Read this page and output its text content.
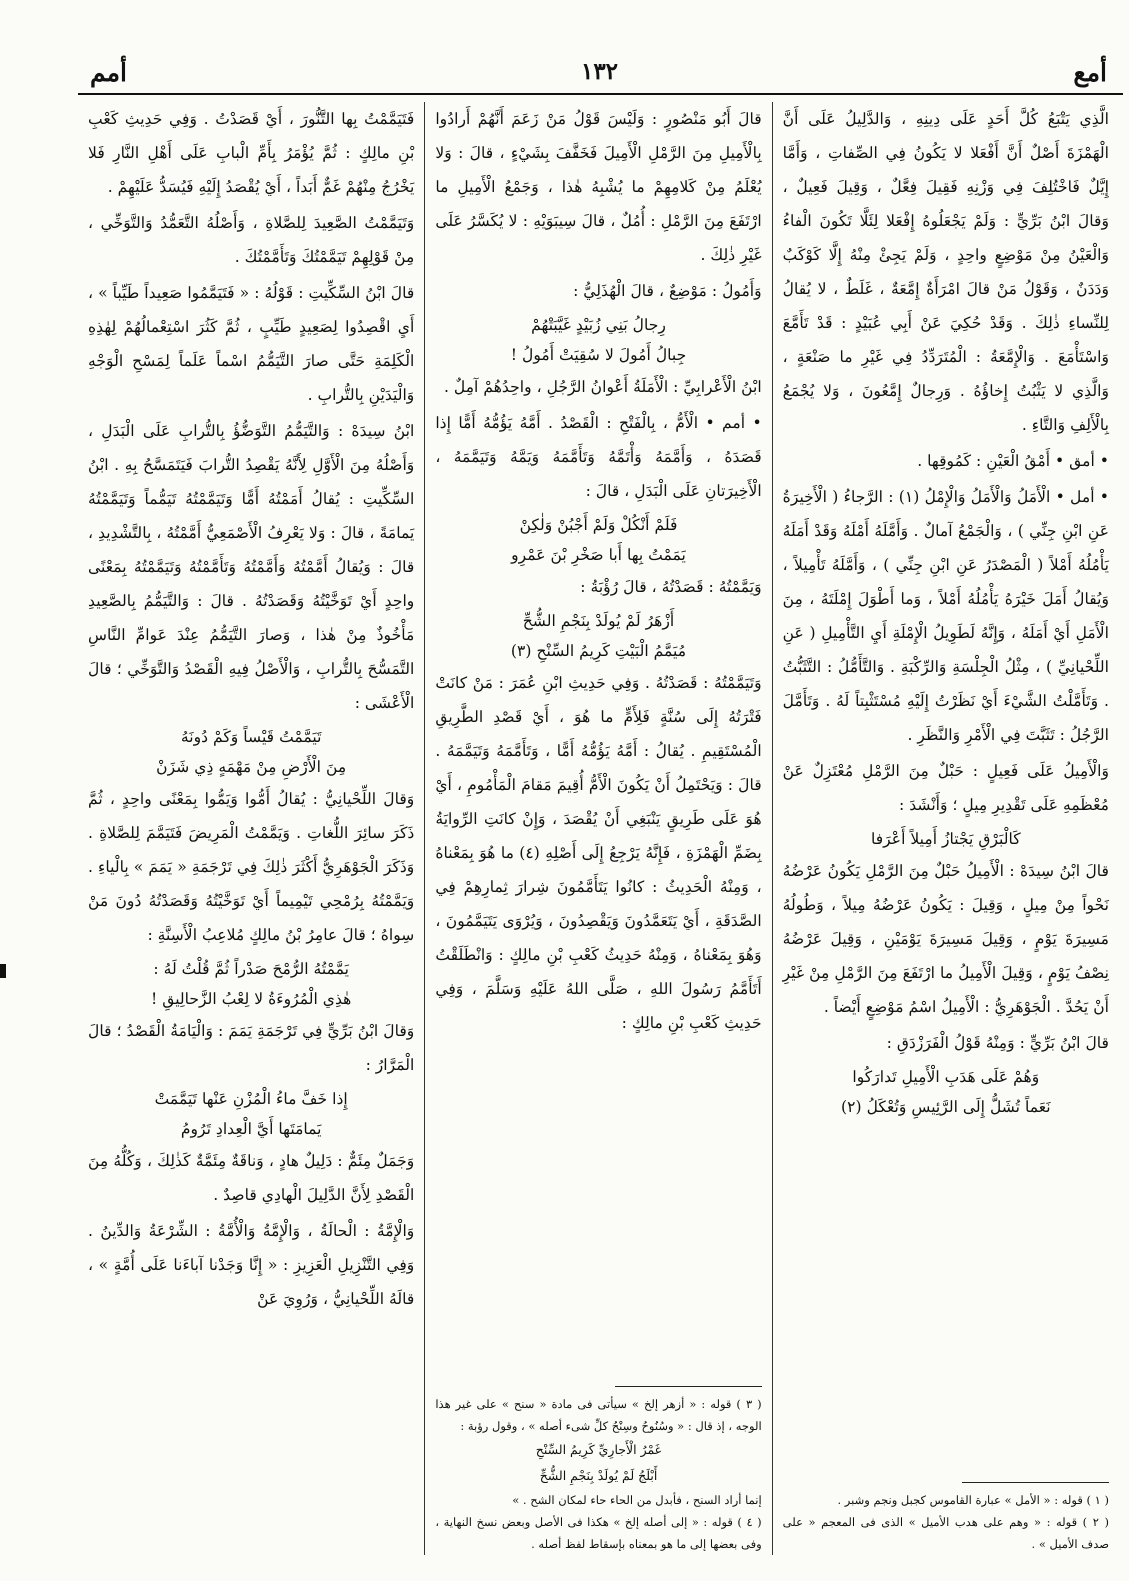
أمع
١٣٢
أمم

الَّذِي يَتْبَعُ كُلَّ أَحَدٍ عَلَى دِينِهِ ، وَالدَّلِيلُ عَلَى أَنَّ الْهَمْزَةَ أَصْلٌ أَنَّ أَفْعَلا لا يَكُونُ فِي الصِّفاتِ ، وَأَمَّا إِيَّلٌ فَاخْتُلِفَ فِي وَزْنِهِ فَقِيلَ فِعَّلٌ ، وَقِيلَ فَعِيلٌ ، وَقالَ ابْنُ بَرِّيٍّ : وَلَمْ يَجْعَلُوهُ إِفْعَلا لِئَلَّا تَكُونَ الْفاءُ وَالْعَيْنُ مِنْ مَوْضِعٍ واحِدٍ ، وَلَمْ يَجِئْ مِنْهُ إِلَّا كَوْكَبٌ وَدَدَنٌ ، وَقَوْلُ مَنْ قالَ امْرَأَةٌ إِمَّعَةٌ ، غَلَطٌ ، لا يُقالُ لِلنِّساءِ ذٰلِكَ . وَقَدْ حُكِيَ عَنْ أَبِي عُبَيْدٍ : قَدْ تَأَمَّعَ وَاسْتَأْمَعَ . وَالْإِمَّعَةُ : الْمُتَرَدِّدُ فِي غَيْرِ ما صَنْعَةٍ ، وَالَّذِي لا يَثْبُتُ إِخاؤُهُ . وَرِجالٌ إِمَّعُونَ ، وَلا يُجْمَعُ بِالْأَلِفِ وَالتَّاءِ .

• أمق • أَمْقُ الْعَيْنِ : كَمُوقِها .

• أمل • الْأَمَلُ وَالْأَمَلُ وَالْإِمْلُ (١) : الرَّجاءُ ( الْأَخِيرَةُ عَنِ ابْنِ جِنِّي ) ، وَالْجَمْعُ آمالٌ . وَأَمَّلَهُ أَمْلَهُ وَقَدْ أَمَلَهُ يَأْمُلُهُ أَمْلاً ( الْمَصْدَرُ عَنِ ابْنِ جِنِّي ) ، وَأَمَّلَهُ تَأْمِيلاً ، وَيُقالُ أَمَلَ خَيْرَهُ يَأْمُلُهُ أَمْلاً ، وَما أَطْوَلَ إِمْلَتَهُ ، مِنَ الْأَمَلِ أَيْ أَمَلَهُ ، وَإِنَّهُ لَطَوِيلُ الْإِمْلَةِ أَيِ التَّأْمِيلِ ( عَنِ اللِّحْيانِيِّ ) ، مِثْلُ الْجِلْسَةِ وَالرِّكْبَةِ . وَالتَّأَمُّلُ : التَّثَبُّتُ . وَتَأَمَّلْتُ الشَّيْءَ أَيْ نَظَرْتُ إِلَيْهِ مُسْتَثْبِتاً لَهُ . وَتَأَمَّلَ الرَّجُلُ : تَثَبَّتَ فِي الْأَمْرِ وَالنَّظَرِ .

وَالْأَمِيلُ عَلَى فَعِيلٍ : حَبْلٌ مِنَ الرَّمْلِ مُعْتَزِلٌ عَنْ مُعْظَمِهِ عَلَى تَقْدِيرِ مِيلٍ ؛ وَأَنْشَدَ :

كَالْبَرْقِ يَجْتازُ أَمِيلاً أَعْرَفا

قالَ ابْنُ سِيدَهْ : الْأَمِيلُ حَبْلٌ مِنَ الرَّمْلِ يَكُونُ عَرْضُهُ نَحْواً مِنْ مِيلٍ ، وَقِيلَ : يَكُونُ عَرْضُهُ مِيلاً ، وَطُولُهُ مَسِيرَةَ يَوْمٍ ، وَقِيلَ مَسِيرَةَ يَوْمَيْنِ ، وَقِيلَ عَرْضُهُ نِصْفُ يَوْمٍ ، وَقِيلَ الْأَمِيلُ ما ارْتَفَعَ مِنَ الرَّمْلِ مِنْ غَيْرِ أَنْ يَحُدَّ . الْجَوْهَرِيُّ : الْأَمِيلُ اسْمُ مَوْضِعٍ أَيْضاً .

قالَ ابْنُ بَرِّيٍّ : وَمِنْهُ قَوْلُ الْفَرَزْدَقِ :

وَهُمْ عَلَى هَدَبِ الْأَمِيلِ تَدارَكُوا
نَعَماً تُشَلُّ إِلَى الرَّئِيسِ وَتُعْكَلُ (٢)

( ١ ) قوله : « الأمل » عبارة القاموس كجبل ونجم وشبر .

( ٢ ) قوله : « وهم على هدب الأميل » الذى فى المعجم « على صدف الأميل » .

قالَ أَبُو مَنْصُورٍ : وَلَيْسَ قَوْلُ مَنْ زَعَمَ أَنَّهُمْ أَرادُوا بِالْأَمِيلِ مِنَ الرَّمْلِ الْأَمِيلَ فَخَفَّفَ بِشَيْءٍ ، قالَ : وَلا يُعْلَمُ مِنْ كَلامِهِمْ ما يُشْبِهُ هٰذا ، وَجَمْعُ الْأَمِيلِ ما ارْتَفَعَ مِنَ الرَّمْلِ : أُمُلٌ ، قالَ سِيبَوَيْهِ : لا يُكَسَّرُ عَلَى غَيْرِ ذٰلِكَ .

وَأَمُولُ : مَوْضِعٌ ، قالَ الْهُذَلِيُّ :

رِجالُ بَنِي زُبَيْدٍ غَيَّبَتْهُمْ
جِبالُ أَمُولَ لا سُقِيَتْ أَمُولُ !

ابْنُ الْأَعْرابِيِّ : الْأَمَلَةُ أَعْوانُ الرَّجُلِ ، واحِدُهُمْ آمِلٌ .

• أمم • الْأَمُّ ، بِالْفَتْحِ : الْقَصْدُ . أَمَّهُ يَؤُمُّهُ أَمًّا إِذا قَصَدَهُ ، وَأَمَّمَهُ وَأْتَمَّهُ وَتَأَمَّمَهُ وَيَمَّهُ وَتَيَمَّمَهُ ، الْأَخِيرَتانِ عَلَى الْبَدَلِ ، قالَ :

فَلَمْ أَنْكُلْ وَلَمْ أَجْبُنْ وَلٰكِنْ
يَمَمْتُ بِها أَبا صَخْرِ بْنَ عَمْرِو

وَيَمَّمْتُهُ : قَصَدْتُهُ ، قالَ رُؤْبَةُ :

أَزْهَرُ لَمْ يُولَدْ بِنَجْمِ الشُّحِّ
مُيَمَّمُ الْبَيْتِ كَرِيمُ السِّنْحِ (٣)

وَتَيَمَّمْتُهُ : قَصَدْتُهُ . وَفِي حَدِيثِ ابْنِ عُمَرَ : مَنْ كانَتْ فَتْرَتُهُ إِلَى سُنَّةٍ فَلِأَمٍّ ما هُوَ ، أَيْ قَصْدِ الطَّرِيقِ الْمُسْتَقِيمِ . يُقالُ : أَمَّهُ يَؤُمُّهُ أَمًّا ، وَتَأَمَّمَهُ وَتَيَمَّمَهُ . قالَ : وَيَحْتَمِلُ أَنْ يَكُونَ الْأَمُّ أُقِيمَ مَقامَ الْمَأْمُومِ ، أَيْ هُوَ عَلَى طَرِيقٍ يَنْبَغِي أَنْ يُقْصَدَ ، وَإِنْ كانَتِ الرِّوايَةُ بِضَمِّ الْهَمْزَةِ ، فَإِنَّهُ يَرْجِعُ إِلَى أَصْلِهِ (٤) ما هُوَ بِمَعْناهُ ، وَمِنْهُ الْحَدِيثُ : كانُوا يَتَأَمَّمُونَ شِرارَ ثِمارِهِمْ فِي الصَّدَقَةِ ، أَيْ يَتَعَمَّدُونَ وَيَقْصِدُونَ ، وَيُرْوَى يَتَيَمَّمُونَ ، وَهُوَ بِمَعْناهُ ، وَمِنْهُ حَدِيثُ كَعْبِ بْنِ مالِكٍ : وَانْطَلَقْتُ أَتَأَمَّمُ رَسُولَ اللهِ ، صَلَّى اللهُ عَلَيْهِ وَسَلَّمَ ، وَفِي حَدِيثِ كَعْبِ بْنِ مالِكٍ :

( ٣ ) قوله : « أزهر إلخ » سيأتى فى مادة « سنح » على غير هذا الوجه ، إذ قال : « وسُنُوحُ وسِنْحُ كلِّ شىء أصله » ، وقول رؤبة :

غَمْرُ الْأَجارِيِّ كَرِيمُ السِّنْحِ
أَبْلَجُ لَمْ يُولَدْ بِنَجْمِ الشُّحِّ

إنما أراد السنح ، فأبدل من الحاء حاء لمكان الشح . »

( ٤ ) قوله : « إلى أصله إلخ » هكذا فى الأصل وبعض نسخ النهاية ، وفى بعضها إلى ما هو بمعناه بإسقاط لفظ أصله .

فَتَيَمَّمْتُ بِها التَّنُّورَ ، أَيْ قَصَدْتُ . وَفِي حَدِيثِ كَعْبِ بْنِ مالِكٍ : ثُمَّ يُؤْمَرُ بِأَمِّ الْبابِ عَلَى أَهْلِ النَّارِ فَلا يَخْرُجُ مِنْهُمْ غَمٌّ أَبَداً ، أَيْ يُقْصَدُ إِلَيْهِ فَيُسَدُّ عَلَيْهِمْ .

وَتَيَمَّمْتُ الصَّعِيدَ لِلصَّلاةِ ، وَأَصْلُهُ التَّعَمُّدُ وَالتَّوَخِّي ، مِنْ قَوْلِهِمْ تَيَمَّمْتُكَ وَتَأَمَّمْتُكَ .

قالَ ابْنُ السِّكِّيتِ : قَوْلُهُ : « فَتَيَمَّمُوا صَعِيداً طَيِّباً » ، أَيِ اقْصِدُوا لِصَعِيدٍ طَيِّبٍ ، ثُمَّ كَثُرَ اسْتِعْمالُهُمْ لِهٰذِهِ الْكَلِمَةِ حَتَّى صارَ التَّيَمُّمُ اسْماً عَلَماً لِمَسْحِ الْوَجْهِ وَالْيَدَيْنِ بِالتُّرابِ .

ابْنُ سِيدَهْ : وَالتَّيَمُّمُ التَّوَضُّؤُ بِالتُّرابِ عَلَى الْبَدَلِ ، وَأَصْلُهُ مِنَ الْأَوَّلِ لِأَنَّهُ يَقْصِدُ التُّرابَ فَيَتَمَسَّحُ بِهِ . ابْنُ السِّكِّيتِ : يُقالُ أَمَمْتُهُ أَمًّا وَتَيَمَّمْتُهُ تَيَمُّماً وَتَيَمَّمْتُهُ يَمامَةً ، قالَ : وَلا يَعْرِفُ الْأَصْمَعِيُّ أَمَّمْتُهُ ، بِالتَّشْدِيدِ ، قالَ : وَيُقالُ أَمَّمْتُهُ وَأَمَّمْتُهُ وَتَأَمَّمْتُهُ وَتَيَمَّمْتُهُ بِمَعْنًى واحِدٍ أَيْ تَوَخَّيْتُهُ وَقَصَدْتُهُ . قالَ : وَالتَّيَمُّمُ بِالصَّعِيدِ مَأْخُوذٌ مِنْ هٰذا ، وَصارَ التَّيَمُّمُ عِنْدَ عَوامِّ النَّاسِ التَّمَسُّحَ بِالتُّرابِ ، وَالْأَصْلُ فِيهِ الْقَصْدُ وَالتَّوَخِّي ؛ قالَ الْأَعْشَى :

تَيَمَّمْتُ قَيْساً وَكَمْ دُونَهُ
مِنَ الْأَرْضِ مِنْ مَهْمَهٍ ذِي شَزَنْ

وَقالَ اللِّحْيانِيُّ : يُقالُ أَمُّوا وَيَمُّوا بِمَعْنًى واحِدٍ ، ثُمَّ ذَكَرَ سائِرَ اللُّغاتِ . وَيَمَّمْتُ الْمَرِيضَ فَتَيَمَّمَ لِلصَّلاةِ . وَذَكَرَ الْجَوْهَرِيُّ أَكْثَرَ ذٰلِكَ فِي تَرْجَمَةِ « يَمَمَ » بِالْياءِ . وَيَمَّمْتُهُ بِرُمْحِي تَيْمِيماً أَيْ تَوَخَّيْتُهُ وَقَصَدْتُهُ دُونَ مَنْ سِواهُ ؛ قالَ عامِرُ بْنُ مالِكٍ مُلاعِبُ الْأَسِنَّةِ :

يَمَّمْتُهُ الرُّمْحَ صَدْراً ثُمَّ قُلْتُ لَهُ :
هٰذِي الْمُرُوءَةُ لا لِعْبُ الزَّحالِيقِ !

وَقالَ ابْنُ بَرِّيٍّ فِي تَرْجَمَةِ يَمَمَ : وَالْيَامَةُ الْقَصْدُ ؛ قالَ الْمَرَّارُ :

إِذا خَفَّ ماءُ الْمُزْنِ عَنْها تَيَمَّمَتْ
يَمامَتَها أَيَّ الْعِدادِ تَرُومُ

وَجَمَلٌ مِئَمٌّ : دَلِيلٌ هادٍ ، وَناقَةٌ مِئَمَّةٌ كَذٰلِكَ ، وَكُلُّهُ مِنَ الْقَصْدِ لِأَنَّ الدَّلِيلَ الْهادِي قاصِدٌ .

وَالْإِمَّةُ : الْحالَةُ ، وَالْإِمَّةُ وَالْأُمَّةُ : الشِّرْعَةُ وَالدِّينُ . وَفِي التَّنْزِيلِ الْعَزِيزِ : « إِنَّا وَجَدْنا آباءَنا عَلَى أُمَّةٍ » ، قالَهُ اللِّحْيانِيُّ ، وَرُوِيَ عَنْ
